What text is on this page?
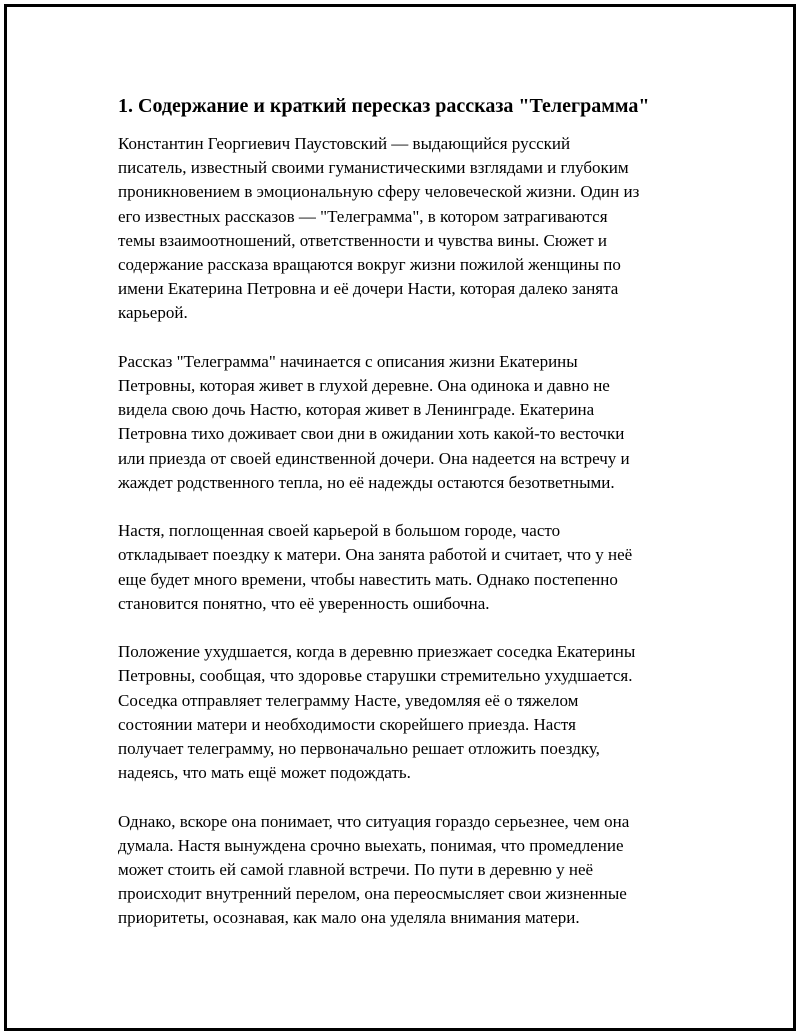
1. Содержание и краткий пересказ рассказа "Телеграмма"

Константин Георгиевич Паустовский — выдающийся русский
писатель, известный своими гуманистическими взглядами и глубоким
проникновением в эмоциональную сферу человеческой жизни. Один из
его известных рассказов — "Телеграмма", в котором затрагиваются
темы взаимоотношений, ответственности и чувства вины. Сюжет и
содержание рассказа вращаются вокруг жизни пожилой женщины по
имени Екатерина Петровна и её дочери Насти, которая далеко занята
карьерой.

Рассказ "Телеграмма" начинается с описания жизни Екатерины
Петровны, которая живет в глухой деревне. Она одинока и давно не
видела свою дочь Настю, которая живет в Ленинграде. Екатерина
Петровна тихо доживает свои дни в ожидании хоть какой-то весточки
или приезда от своей единственной дочери. Она надеется на встречу и
жаждет родственного тепла, но её надежды остаются безответными.

Настя, поглощенная своей карьерой в большом городе, часто
откладывает поездку к матери. Она занята работой и считает, что у неё
еще будет много времени, чтобы навестить мать. Однако постепенно
становится понятно, что её уверенность ошибочна.

Положение ухудшается, когда в деревню приезжает соседка Екатерины
Петровны, сообщая, что здоровье старушки стремительно ухудшается.
Соседка отправляет телеграмму Насте, уведомляя её о тяжелом
состоянии матери и необходимости скорейшего приезда. Настя
получает телеграмму, но первоначально решает отложить поездку,
надеясь, что мать ещё может подождать.

Однако, вскоре она понимает, что ситуация гораздо серьезнее, чем она
думала. Настя вынуждена срочно выехать, понимая, что промедление
может стоить ей самой главной встречи. По пути в деревню у неё
происходит внутренний перелом, она переосмысляет свои жизненные
приоритеты, осознавая, как мало она уделяла внимания матери.
